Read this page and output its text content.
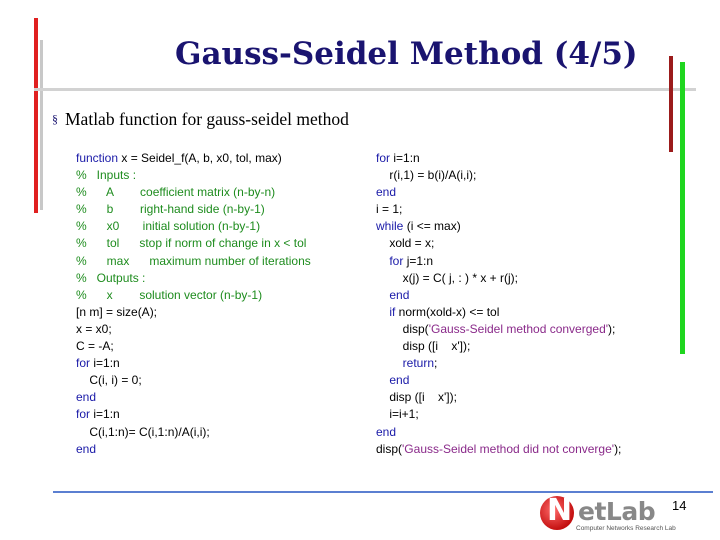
Gauss-Seidel Method (4/5)
§ Matlab function for gauss-seidel method
function x = Seidel_f(A, b, x0, tol, max)
%   Inputs :
%      A        coefficient matrix (n-by-n)
%      b        right-hand side (n-by-1)
%      x0       initial solution (n-by-1)
%      tol      stop if norm of change in x < tol
%      max      maximum number of iterations
%   Outputs :
%      x        solution vector (n-by-1)
[n m] = size(A);
x = x0;
C = -A;
for i=1:n
C(i, i) = 0;
end
for i=1:n
C(i,1:n)= C(i,1:n)/A(i,i);
end
for i=1:n
r(i,1) = b(i)/A(i,i);
end
i = 1;
while (i <= max)
xold = x;
for j=1:n
x(j) = C( j, : ) * x + r(j);
end
if norm(xold-x) <= tol
disp('Gauss-Seidel method converged');
disp ([i    x']);
return;
end
disp ([i    x']);
i=i+1;
end
disp('Gauss-Seidel method did not converge');
N etLab
Computer Networks Research Lab
14
